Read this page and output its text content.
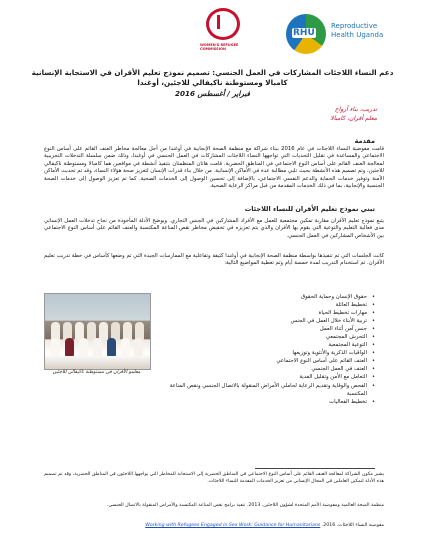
WOMEN'S REFUGEE COMMISSION
RHU
Reproductive Health Uganda
دعم النساء اللاجئات المشاركات في العمل الجنسي: تصميم نموذج تعليم الأقران في الاستجابة الإنسانية كامبالا ومستوطنة ناكيفالي للاجئين، أوغندا
فبراير / أغسطس 2016
تدريب، بناء أرواح
معلم أقران، كامبالا
مقدمة

قامت مفوضية النساء اللاجئات في عام 2016 ببناء شراكة مع منظمة الصحة الإنجابية في أوغندا من أجل معالجة مخاطر العنف القائم على أساس النوع الاجتماعي والمساعدة في تقليل التحديات التي تواجهها النساء اللاجئات المشاركات في العمل الجنسي في أوغندا، وذلك ضمن سلسلة التدخلات التجريبية لمعالجة العنف القائم على أساس النوع الاجتماعي في المناطق الحضرية. قامت هاتان المنظمتان بتنفيذ أنشطة في مواقعين هما كامبالا ومستوطنة ناكيفالي للاجئين، وتم تصميم هذه الأنشطة بحيث تلبي مطالبة عدة في الأماكن الإنسانية. من خلال بناء قدرات الإنسان لتعزيز صحة هؤلاء النساء، وقد تم تحديث الأماكن الآمنة وتوفير خدمات الحماية والدعم النفسي الاجتماعي، بالإضافة إلى تحسين الوصول إلى الخدمات الصحية. كما تم تعزيز الوصول إلى خدمات الصحة الجنسية والإنجابية، بما في ذلك الخدمات المقدمة من قبل مراكز الرعاية الصحية.

تبني نموذج تعليم الأقران للنساء اللاجئات

يتبع نموذج تعليم الأقران مقاربة تمكين مجتمعية للعمل مع الأفراد المشاركين في الجنس التجاري. ويوضح الأدلة المأخوذة من نجاح تدخلات العمل الإنساني مدى فعالية التعليم والتوعية التي يقوم بها الأقران والذي يتم تعزيزه في تخفيض مخاطر نقص المناعة المكتسبة والعنف القائم على أساس النوع الاجتماعي بين الأشخاص المشاركين في العمل الجنسي.

كانت الجلسات التي تم تنفيذها بواسطة منظمة الصحة الإنجابية في أوغندا كثيفة وتفاعلية مع الممارسات الجيدة التي تم وضعها كأساس في خطة تدريب تعليم الأقران. تم استخدام التدريب لمدة خمسة أيام وتم تغطية المواضيع التالية:

معلمو الأقران في مستوطنة ناكيفالي للاجئين
• حقوق الإنسان وحماية الحقوق
• تخطيط العائلة
• مهارات تخطيط الحياة
• تربية الأبناء خلال العمل في الجنس
• جنس آمن أثناء العمل
• التحرش المجتمعي
• التوعية المجتمعية
• الواقيات الذكرية والأنثوية وتوزيعها
• العنف القائم على أساس النوع الاجتماعي
• العنف في العمل الجنسي
• التعامل مع الأمن وتقليل الفدية
• الفحص والوقاية وتقديم الرعاية لحاملي الأمراض المنقولة بالاتصال الجنسي ونقص المناعة المكتسبة
• تخطيط الفعاليات

يشير مكون الشراكة لمعالجة العنف القائم على أساس النوع الاجتماعي في المناطق الحضرية إلى الاستجابة للمخاطر التي يواجهها اللاجئون في المناطق الحضرية، وقد تم تصميم هذه الأدلة لتمكين العاملين في المجال الإنساني من تعزيز الخدمات المقدمة للنساء اللاجئات.

منظمة الصحة العالمية ومفوضية الأمم المتحدة لشؤون اللاجئين. 2013. تنفيذ برامج نقص المناعة المكتسبة والأمراض المنقولة بالاتصال الجنسي.

مفوضية النساء اللاجئات. 2016. Working with Refugees Engaged in Sex Work: Guidance for Humanitarians
